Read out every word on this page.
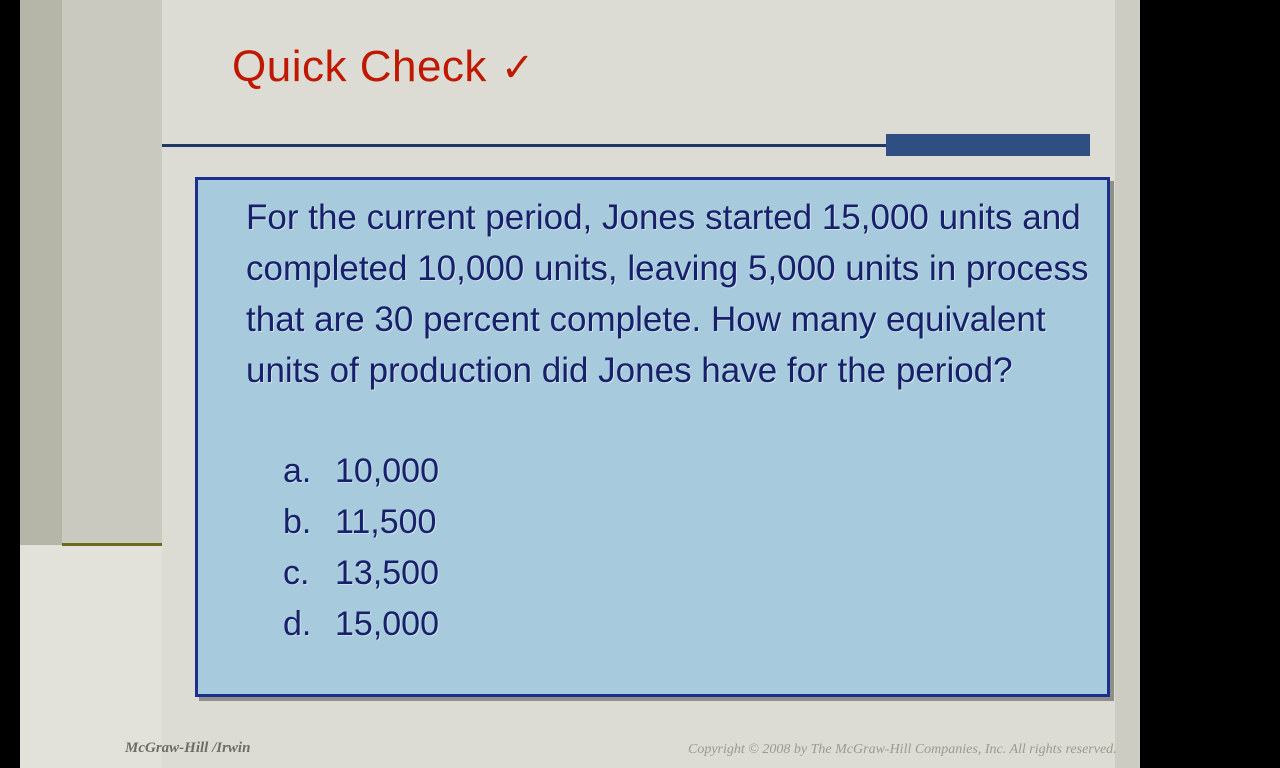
Quick Check ✓
For the current period, Jones started 15,000 units and completed 10,000 units, leaving 5,000 units in process that are 30 percent complete. How many equivalent units of production did Jones have for the period?
a. 10,000
b. 11,500
c. 13,500
d. 15,000
McGraw-Hill /Irwin	Copyright © 2008 by The McGraw-Hill Companies, Inc. All rights reserved.
